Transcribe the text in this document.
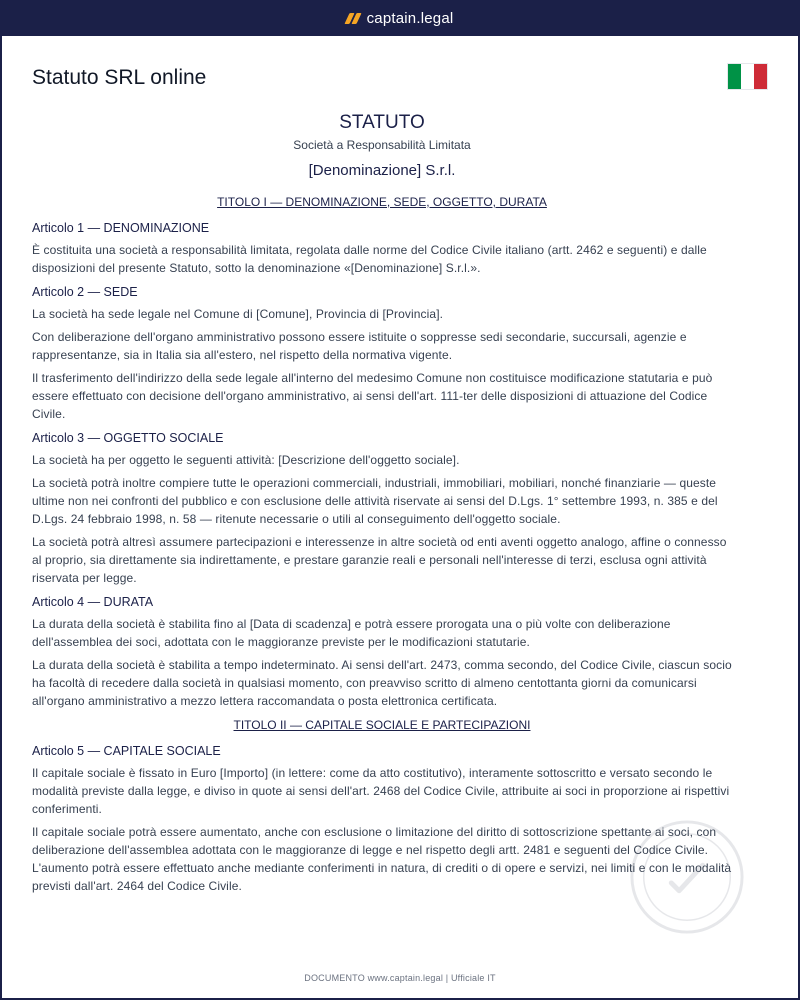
captain.legal
Statuto SRL online
STATUTO
Società a Responsabilità Limitata
[Denominazione] S.r.l.
TITOLO I — DENOMINAZIONE, SEDE, OGGETTO, DURATA
Articolo 1 — DENOMINAZIONE

È costituita una società a responsabilità limitata, regolata dalle norme del Codice Civile italiano (artt. 2462 e seguenti) e dalle disposizioni del presente Statuto, sotto la denominazione «[Denominazione] S.r.l.».

Articolo 2 — SEDE

La società ha sede legale nel Comune di [Comune], Provincia di [Provincia].

Con deliberazione dell'organo amministrativo possono essere istituite o soppresse sedi secondarie, succursali, agenzie e rappresentanze, sia in Italia sia all'estero, nel rispetto della normativa vigente.

Il trasferimento dell'indirizzo della sede legale all'interno del medesimo Comune non costituisce modificazione statutaria e può essere effettuato con decisione dell'organo amministrativo, ai sensi dell'art. 111-ter delle disposizioni di attuazione del Codice Civile.

Articolo 3 — OGGETTO SOCIALE

La società ha per oggetto le seguenti attività: [Descrizione dell'oggetto sociale].

La società potrà inoltre compiere tutte le operazioni commerciali, industriali, immobiliari, mobiliari, nonché finanziarie — queste ultime non nei confronti del pubblico e con esclusione delle attività riservate ai sensi del D.Lgs. 1° settembre 1993, n. 385 e del D.Lgs. 24 febbraio 1998, n. 58 — ritenute necessarie o utili al conseguimento dell'oggetto sociale.

La società potrà altresì assumere partecipazioni e interessenze in altre società od enti aventi oggetto analogo, affine o connesso al proprio, sia direttamente sia indirettamente, e prestare garanzie reali e personali nell'interesse di terzi, esclusa ogni attività riservata per legge.

Articolo 4 — DURATA

La durata della società è stabilita fino al [Data di scadenza] e potrà essere prorogata una o più volte con deliberazione dell'assemblea dei soci, adottata con le maggioranze previste per le modificazioni statutarie.

La durata della società è stabilita a tempo indeterminato. Ai sensi dell'art. 2473, comma secondo, del Codice Civile, ciascun socio ha facoltà di recedere dalla società in qualsiasi momento, con preavviso scritto di almeno centottanta giorni da comunicarsi all'organo amministrativo a mezzo lettera raccomandata o posta elettronica certificata.

TITOLO II — CAPITALE SOCIALE E PARTECIPAZIONI
Articolo 5 — CAPITALE SOCIALE

Il capitale sociale è fissato in Euro [Importo] (in lettere: come da atto costitutivo), interamente sottoscritto e versato secondo le modalità previste dalla legge, e diviso in quote ai sensi dell'art. 2468 del Codice Civile, attribuite ai soci in proporzione ai rispettivi conferimenti.

Il capitale sociale potrà essere aumentato, anche con esclusione o limitazione del diritto di sottoscrizione spettante ai soci, con deliberazione dell'assemblea adottata con le maggioranze di legge e nel rispetto degli artt. 2481 e seguenti del Codice Civile. L'aumento potrà essere effettuato anche mediante conferimenti in natura, di crediti o di opere e servizi, nei limiti e con le modalità previsti dall'art. 2464 del Codice Civile.

DOCUMENTO www.captain.legal | Ufficiale IT
